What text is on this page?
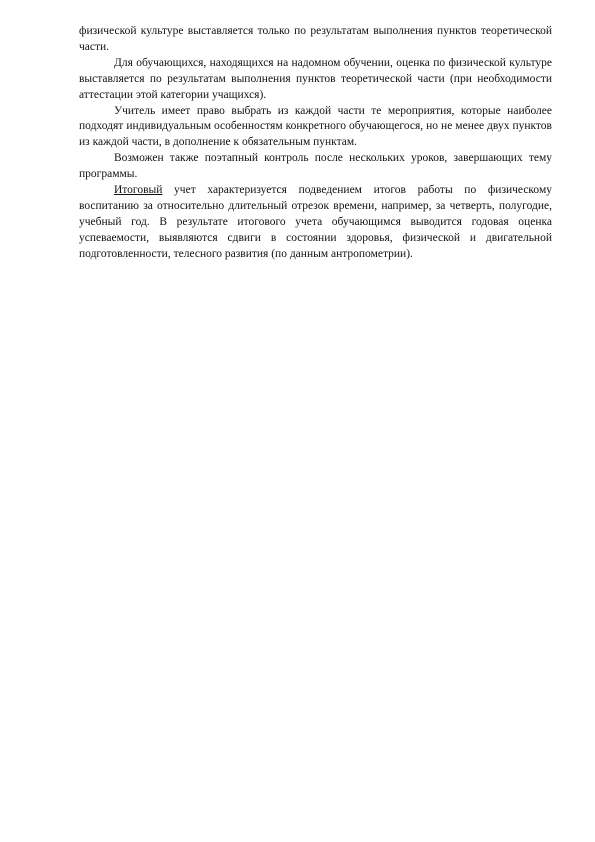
физической культуре выставляется только по результатам выполнения пунктов теоретической части.

Для обучающихся, находящихся на надомном обучении, оценка по физической культуре выставляется по результатам выполнения пунктов теоретической части (при необходимости аттестации этой категории учащихся).

Учитель имеет право выбрать из каждой части те мероприятия, которые наиболее подходят индивидуальным особенностям конкретного обучающегося, но не менее двух пунктов из каждой части, в дополнение к обязательным пунктам.

Возможен также поэтапный контроль после нескольких уроков, завершающих тему программы.

Итоговый учет характеризуется подведением итогов работы по физическому воспитанию за относительно длительный отрезок времени, например, за четверть, полугодие, учебный год. В результате итогового учета обучающимся выводится годовая оценка успеваемости, выявляются сдвиги в состоянии здоровья, физической и двигательной подготовленности, телесного развития (по данным антропометрии).
